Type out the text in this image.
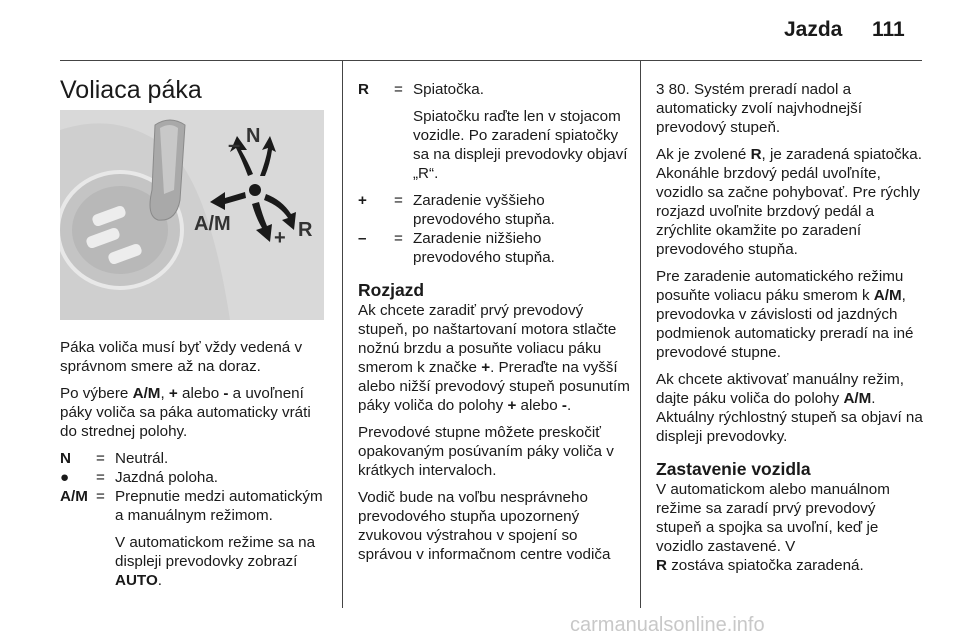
Jazda 111
Voliaca páka
N
–
A/M
+ R

Páka voliča musí byť vždy vedená v správnom smere až na doraz.

Po výbere A/M, + alebo - a uvoľnení páky voliča sa páka automaticky vráti do strednej polohy.

N	= Neutrál.
●	= Jazdná poloha.
A/M = Prepnutie medzi automatickým a manuálnym režimom.

V automatickom režime sa na displeji prevodovky zobrazí AUTO.

R	= Spiatočka.

Spiatočku raďte len v stojacom vozidle. Po zaradení spiatočky sa na displeji prevodovky objaví „R“.

+	= Zaradenie vyššieho prevodového stupňa.
–	= Zaradenie nižšieho prevodového stupňa.
Rozjazd

Ak chcete zaradiť prvý prevodový stupeň, po naštartovaní motora stlačte nožnú brzdu a posuňte voliacu páku smerom k značke +. Preraďte na vyšší alebo nižší prevodový stupeň posunutím páky voliča do polohy + alebo -.

Prevodové stupne môžete preskočiť opakovaným posúvaním páky voliča v krátkych intervaloch.

Vodič bude na voľbu nesprávneho prevodového stupňa upozornený zvukovou výstrahou v spojení so správou v informačnom centre vodiča

3 80. Systém preradí nadol a automaticky zvolí najvhodnejší prevodový stupeň.

Ak je zvolené R, je zaradená spiatočka. Akonáhle brzdový pedál uvoľníte, vozidlo sa začne pohybovať. Pre rýchly rozjazd uvoľnite brzdový pedál a zrýchlite okamžite po zaradení prevodového stupňa.

Pre zaradenie automatického režimu posuňte voliacu páku smerom k A/M, prevodovka v závislosti od jazdných podmienok automaticky preradí na iné prevodové stupne.

Ak chcete aktivovať manuálny režim, dajte páku voliča do polohy A/M. Aktuálny rýchlostný stupeň sa objaví na displeji prevodovky.

Zastavenie vozidla

V automatickom alebo manuálnom režime sa zaradí prvý prevodový stupeň a spojka sa uvoľní, keď je vozidlo zastavené. V

R zostáva spiatočka zaradená.

carmanualsonline.info
